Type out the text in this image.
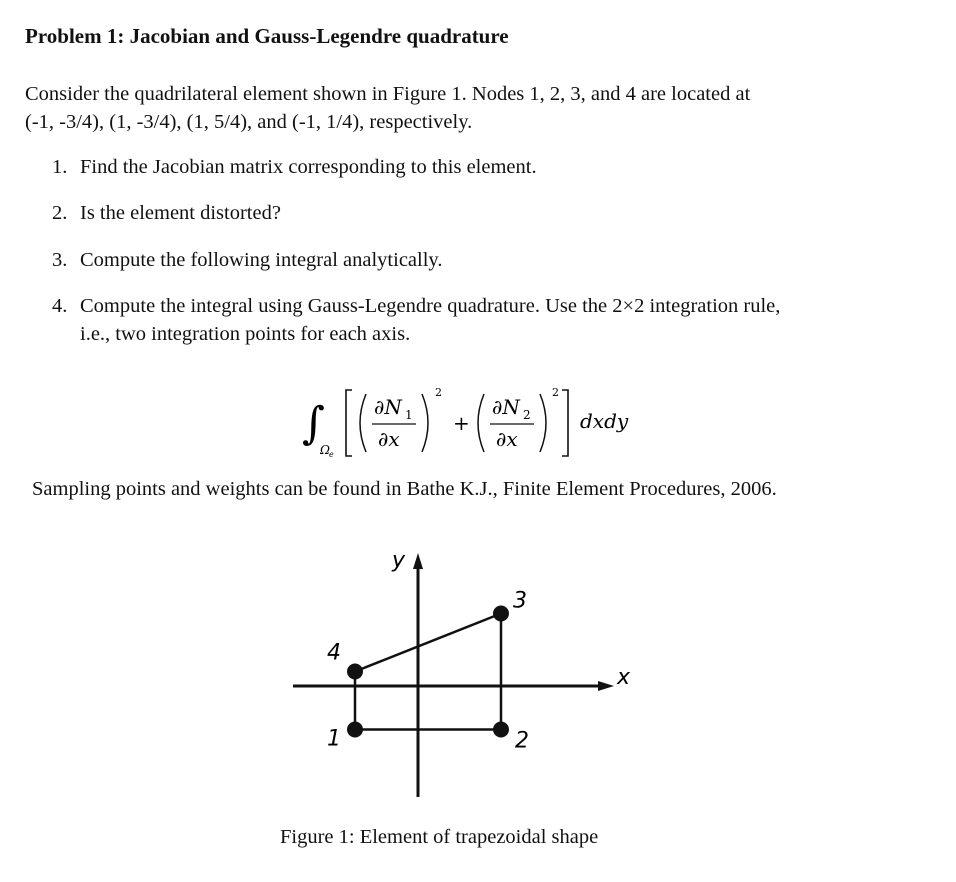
Problem 1: Jacobian and Gauss-Legendre quadrature
Consider the quadrilateral element shown in Figure 1. Nodes 1, 2, 3, and 4 are located at
(-1, -3/4), (1, -3/4), (1, 5/4), and (-1, 1/4), respectively.
1. Find the Jacobian matrix corresponding to this element.
2. Is the element distorted?
3. Compute the following integral analytically.
4. Compute the integral using Gauss-Legendre quadrature. Use the 2×2 integration rule,
i.e., two integration points for each axis.
∫
Ω e
∂N 1
∂x
2
+
∂N 2
∂x
2
dxdy
Sampling points and weights can be found in Bathe K.J., Finite Element Procedures, 2006.
x
y
1	2
3
4
Figure 1: Element of trapezoidal shape
